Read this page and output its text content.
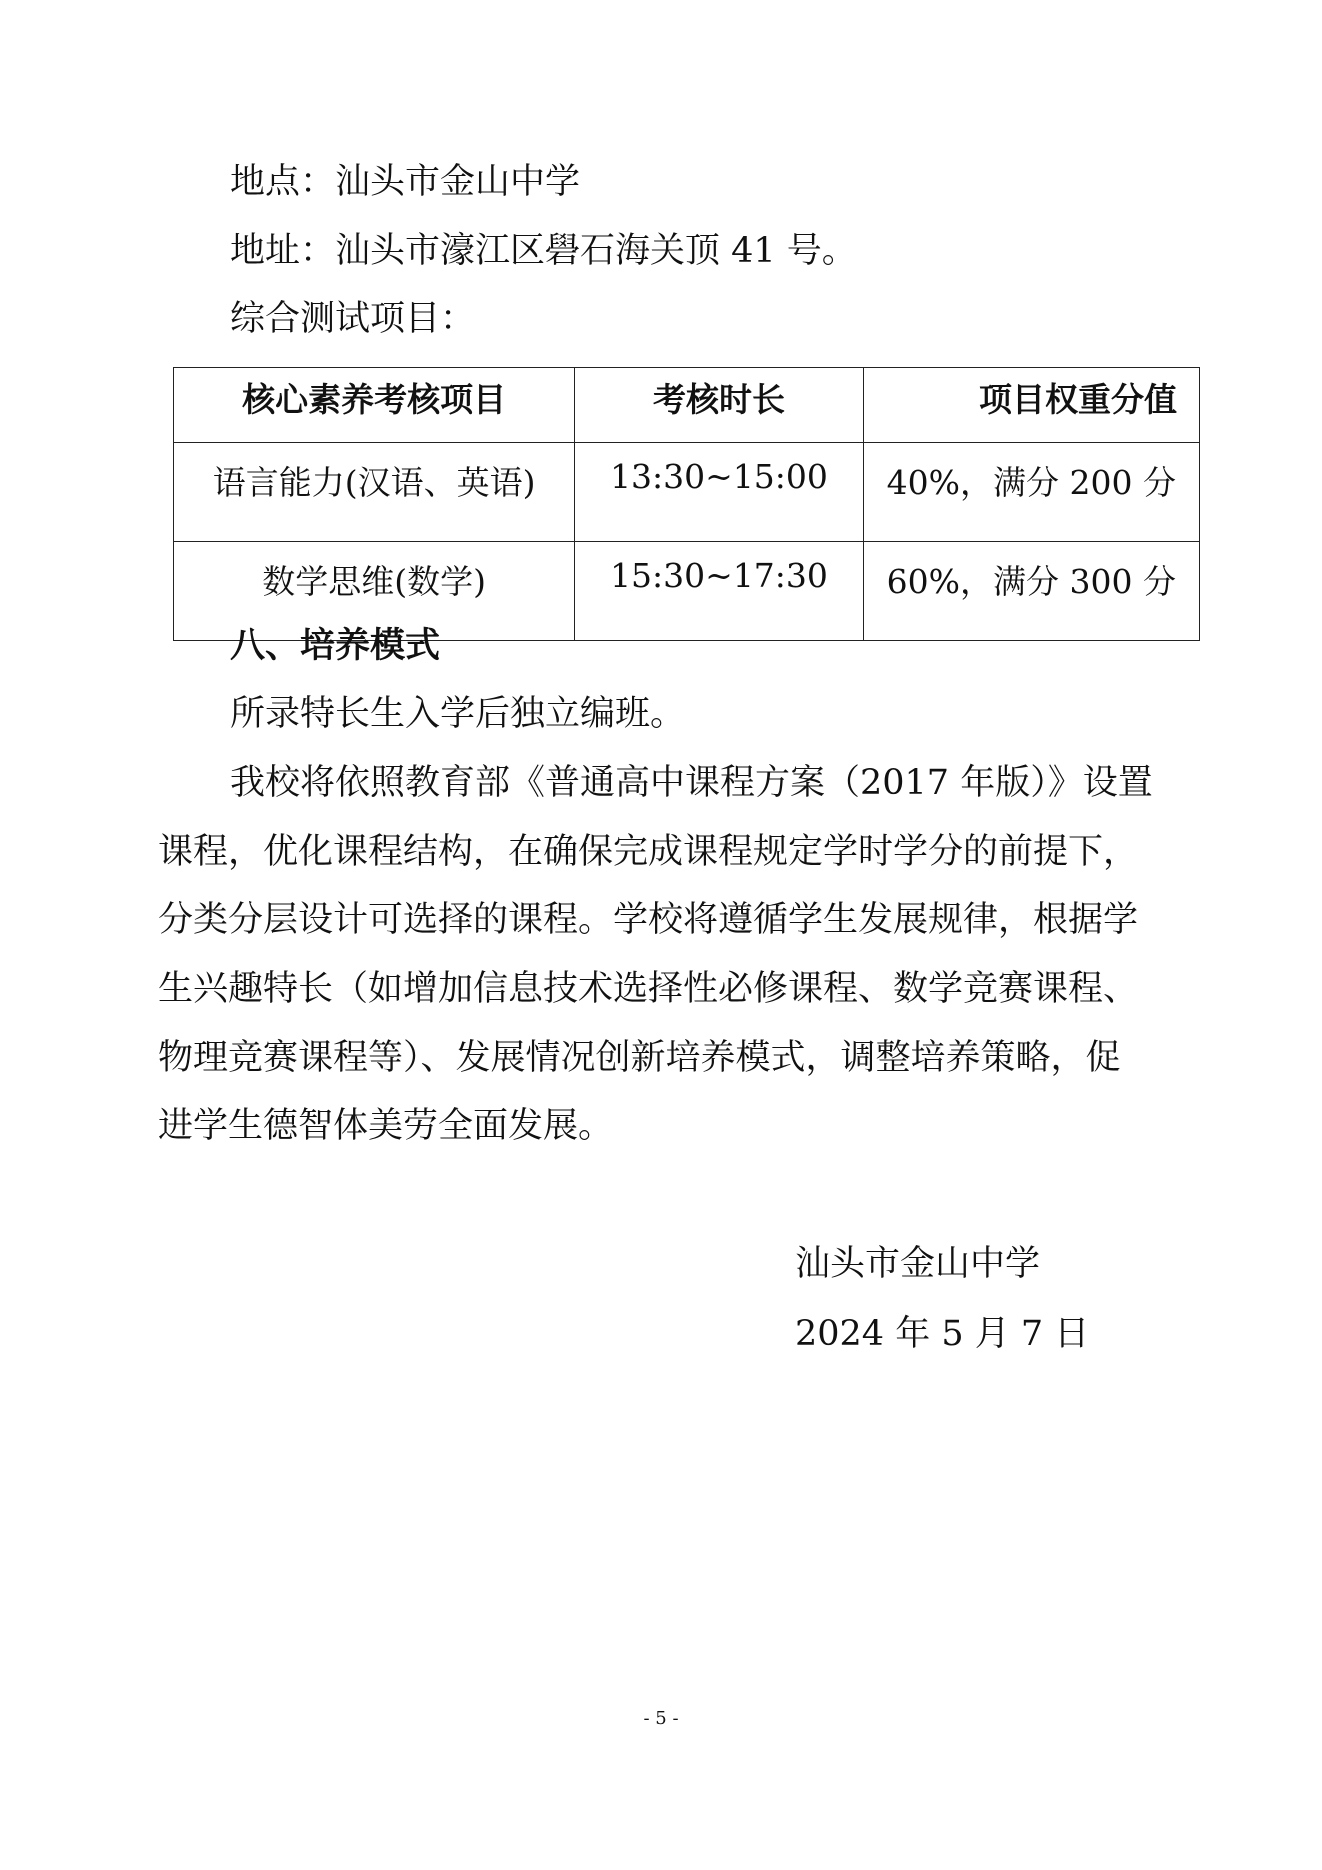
地点：汕头市金山中学
地址：汕头市濠江区礐石海关顶 41 号。
综合测试项目：
核心素养考核项目	考核时长	项目权重分值
语言能力(汉语、英语)	13:30~15:00	40%，满分 200 分
数学思维(数学)	15:30~17:30	60%，满分 300 分
八、培养模式
所录特长生入学后独立编班。
我校将依照教育部《普通高中课程方案（2017 年版）》设置
课程，优化课程结构，在确保完成课程规定学时学分的前提下，
分类分层设计可选择的课程。学校将遵循学生发展规律，根据学
生兴趣特长（如增加信息技术选择性必修课程、数学竞赛课程、
物理竞赛课程等）、发展情况创新培养模式，调整培养策略，促
进学生德智体美劳全面发展。
汕头市金山中学
2024 年 5 月 7 日
- 5 -
